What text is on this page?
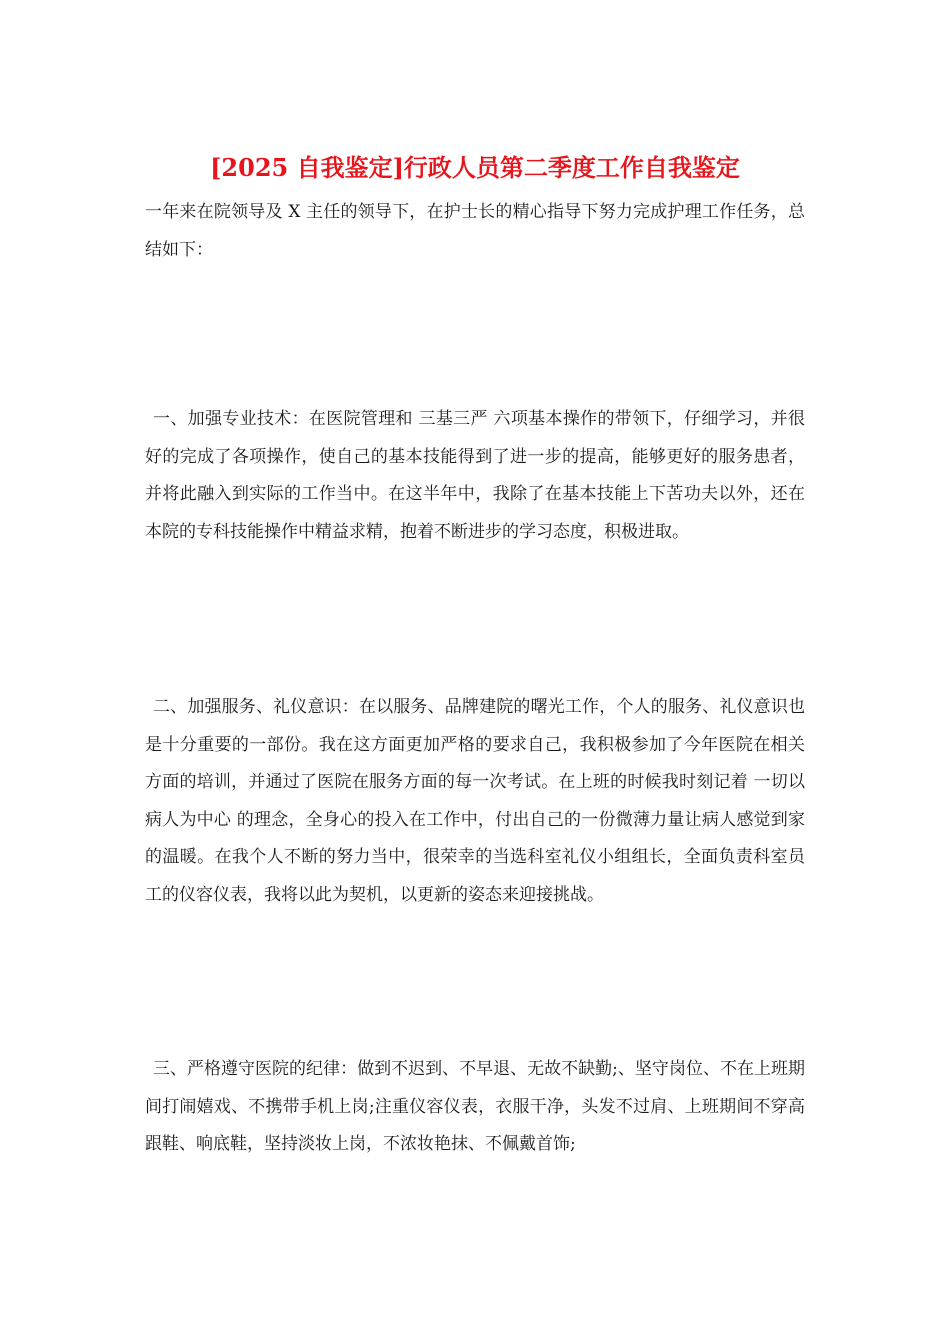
[2025 自我鉴定]行政人员第二季度工作自我鉴定

一年来在院领导及 X 主任的领导下，在护士长的精心指导下努力完成护理工作任务，总结如下：

一、加强专业技术：在医院管理和 三基三严 六项基本操作的带领下，仔细学习，并很好的完成了各项操作，使自己的基本技能得到了进一步的提高，能够更好的服务患者，并将此融入到实际的工作当中。在这半年中，我除了在基本技能上下苦功夫以外，还在本院的专科技能操作中精益求精，抱着不断进步的学习态度，积极进取。

二、加强服务、礼仪意识：在以服务、品牌建院的曙光工作，个人的服务、礼仪意识也是十分重要的一部份。我在这方面更加严格的要求自己，我积极参加了今年医院在相关方面的培训，并通过了医院在服务方面的每一次考试。在上班的时候我时刻记着 一切以病人为中心 的理念，全身心的投入在工作中，付出自己的一份微薄力量让病人感觉到家的温暖。在我个人不断的努力当中，很荣幸的当选科室礼仪小组组长，全面负责科室员工的仪容仪表，我将以此为契机，以更新的姿态来迎接挑战。

三、严格遵守医院的纪律：做到不迟到、不早退、无故不缺勤;、坚守岗位、不在上班期间打闹嬉戏、不携带手机上岗;注重仪容仪表，衣服干净，头发不过肩、上班期间不穿高跟鞋、响底鞋，坚持淡妆上岗，不浓妆艳抹、不佩戴首饰;
